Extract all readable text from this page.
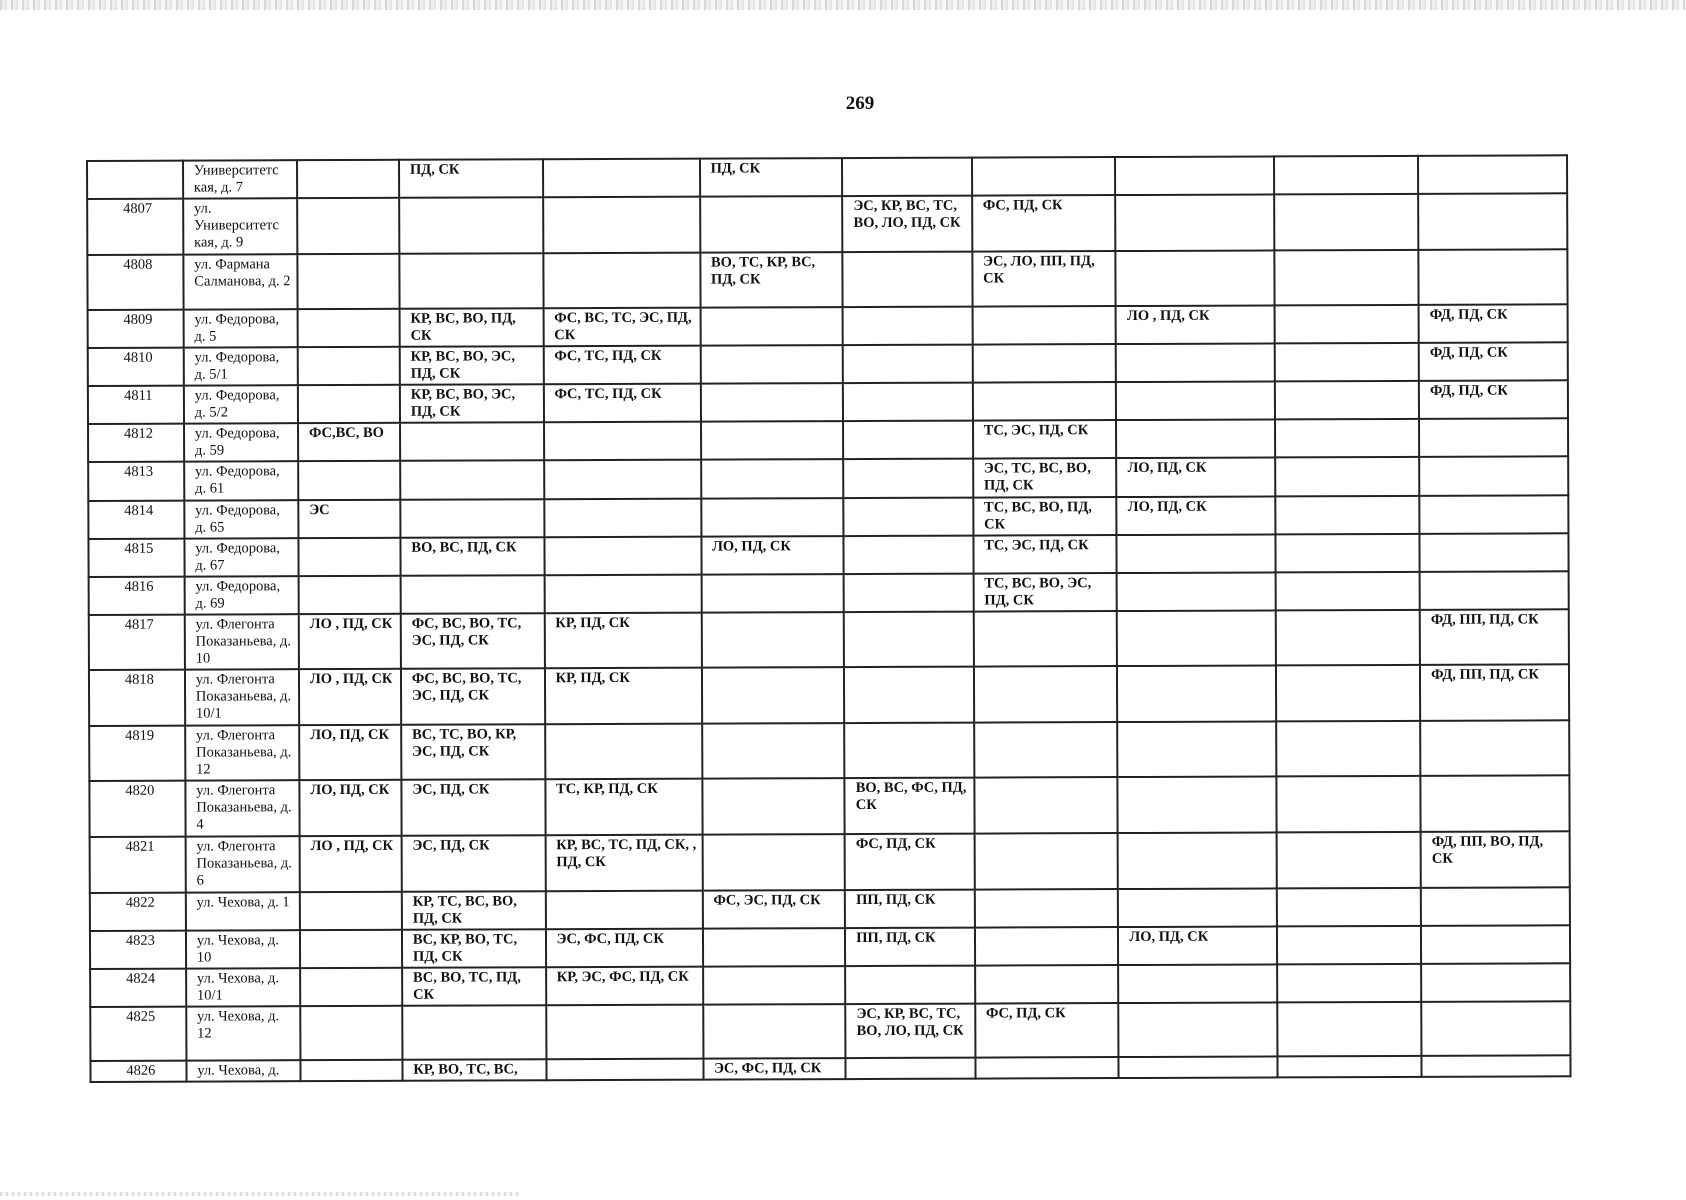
269
	Университетс кая, д. 7		ПД, СК		ПД, СК					
4807	ул. Университетс кая, д. 9					ЭС, КР, ВС, ТС, ВО, ЛО, ПД, СК	ФС, ПД, СК			
4808	ул. Фармана Салманова, д. 2				ВО, ТС, КР, ВС, ПД, СК		ЭС, ЛО, ПП, ПД, СК			
4809	ул. Федорова, д. 5		КР, ВС, ВО, ПД, СК	ФС, ВС, ТС, ЭС, ПД, СК				ЛО , ПД, СК		ФД, ПД, СК
4810	ул. Федорова, д. 5/1		КР, ВС, ВО, ЭС, ПД, СК	ФС, ТС, ПД, СК						ФД, ПД, СК
4811	ул. Федорова, д. 5/2		КР, ВС, ВО, ЭС, ПД, СК	ФС, ТС, ПД, СК						ФД, ПД, СК
4812	ул. Федорова, д. 59	ФС,ВС, ВО					ТС, ЭС, ПД, СК			
4813	ул. Федорова, д. 61						ЭС, ТС, ВС, ВО, ПД, СК	ЛО, ПД, СК		
4814	ул. Федорова, д. 65	ЭС					ТС, ВС, ВО, ПД, СК	ЛО, ПД, СК		
4815	ул. Федорова, д. 67		ВО, ВС, ПД, СК		ЛО, ПД, СК		ТС, ЭС, ПД, СК			
4816	ул. Федорова, д. 69						ТС, ВС, ВО, ЭС, ПД, СК			
4817	ул. Флегонта Показаньева, д. 10	ЛО , ПД, СК	ФС, ВС, ВО, ТС, ЭС, ПД, СК	КР, ПД, СК						ФД, ПП, ПД, СК
4818	ул. Флегонта Показаньева, д. 10/1	ЛО , ПД, СК	ФС, ВС, ВО, ТС, ЭС, ПД, СК	КР, ПД, СК						ФД, ПП, ПД, СК
4819	ул. Флегонта Показаньева, д. 12	ЛО, ПД, СК	ВС, ТС, ВО, КР, ЭС, ПД, СК							
4820	ул. Флегонта Показаньева, д. 4	ЛО, ПД, СК	ЭС, ПД, СК	ТС, КР, ПД, СК		ВО, ВС, ФС, ПД, СК				
4821	ул. Флегонта Показаньева, д. 6	ЛО , ПД, СК	ЭС, ПД, СК	КР, ВС, ТС, ПД, СК, , ПД, СК		ФС, ПД, СК				ФД, ПП, ВО, ПД, СК
4822	ул. Чехова, д. 1		КР, ТС, ВС, ВО, ПД, СК		ФС, ЭС, ПД, СК	ПП, ПД, СК				
4823	ул. Чехова, д. 10		ВС, КР, ВО, ТС, ПД, СК	ЭС, ФС, ПД, СК		ПП, ПД, СК		ЛО, ПД, СК		
4824	ул. Чехова, д. 10/1		ВС, ВО, ТС, ПД, СК	КР, ЭС, ФС, ПД, СК						
4825	ул. Чехова, д. 12					ЭС, КР, ВС, ТС, ВО, ЛО, ПД, СК	ФС, ПД, СК			
4826	ул. Чехова, д.		КР, ВО, ТС, ВС,		ЭС, ФС, ПД, СК					
